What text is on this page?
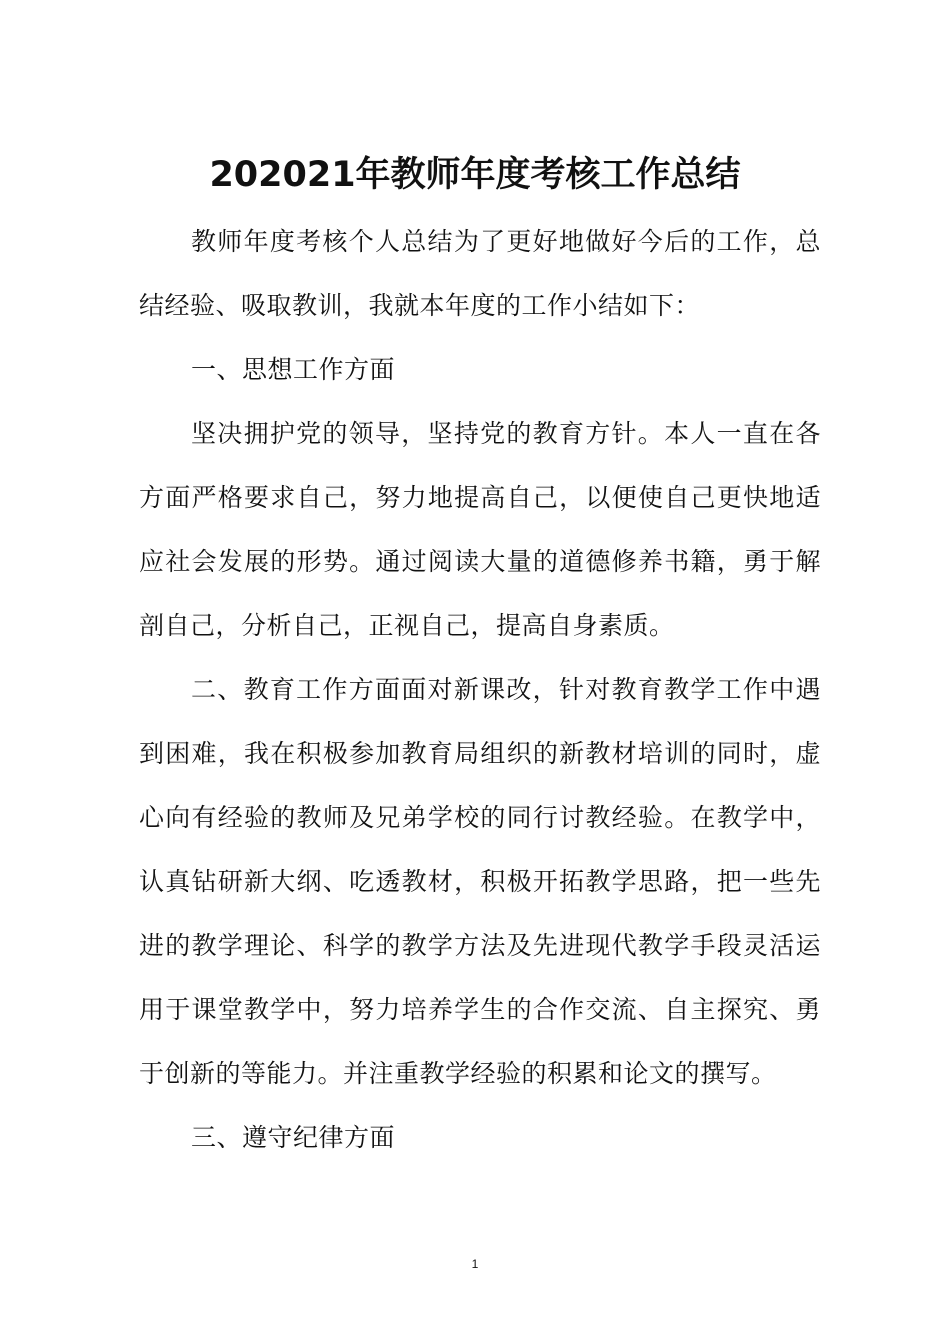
202021年教师年度考核工作总结

教师年度考核个人总结为了更好地做好今后的工作，总结经验、吸取教训，我就本年度的工作小结如下：

一、思想工作方面

坚决拥护党的领导，坚持党的教育方针。本人一直在各方面严格要求自己，努力地提高自己，以便使自己更快地适应社会发展的形势。通过阅读大量的道德修养书籍，勇于解剖自己，分析自己，正视自己，提高自身素质。

二、教育工作方面面对新课改，针对教育教学工作中遇到困难，我在积极参加教育局组织的新教材培训的同时，虚心向有经验的教师及兄弟学校的同行讨教经验。在教学中，认真钻研新大纲、吃透教材，积极开拓教学思路，把一些先进的教学理论、科学的教学方法及先进现代教学手段灵活运用于课堂教学中，努力培养学生的合作交流、自主探究、勇于创新的等能力。并注重教学经验的积累和论文的撰写。

三、遵守纪律方面

1
